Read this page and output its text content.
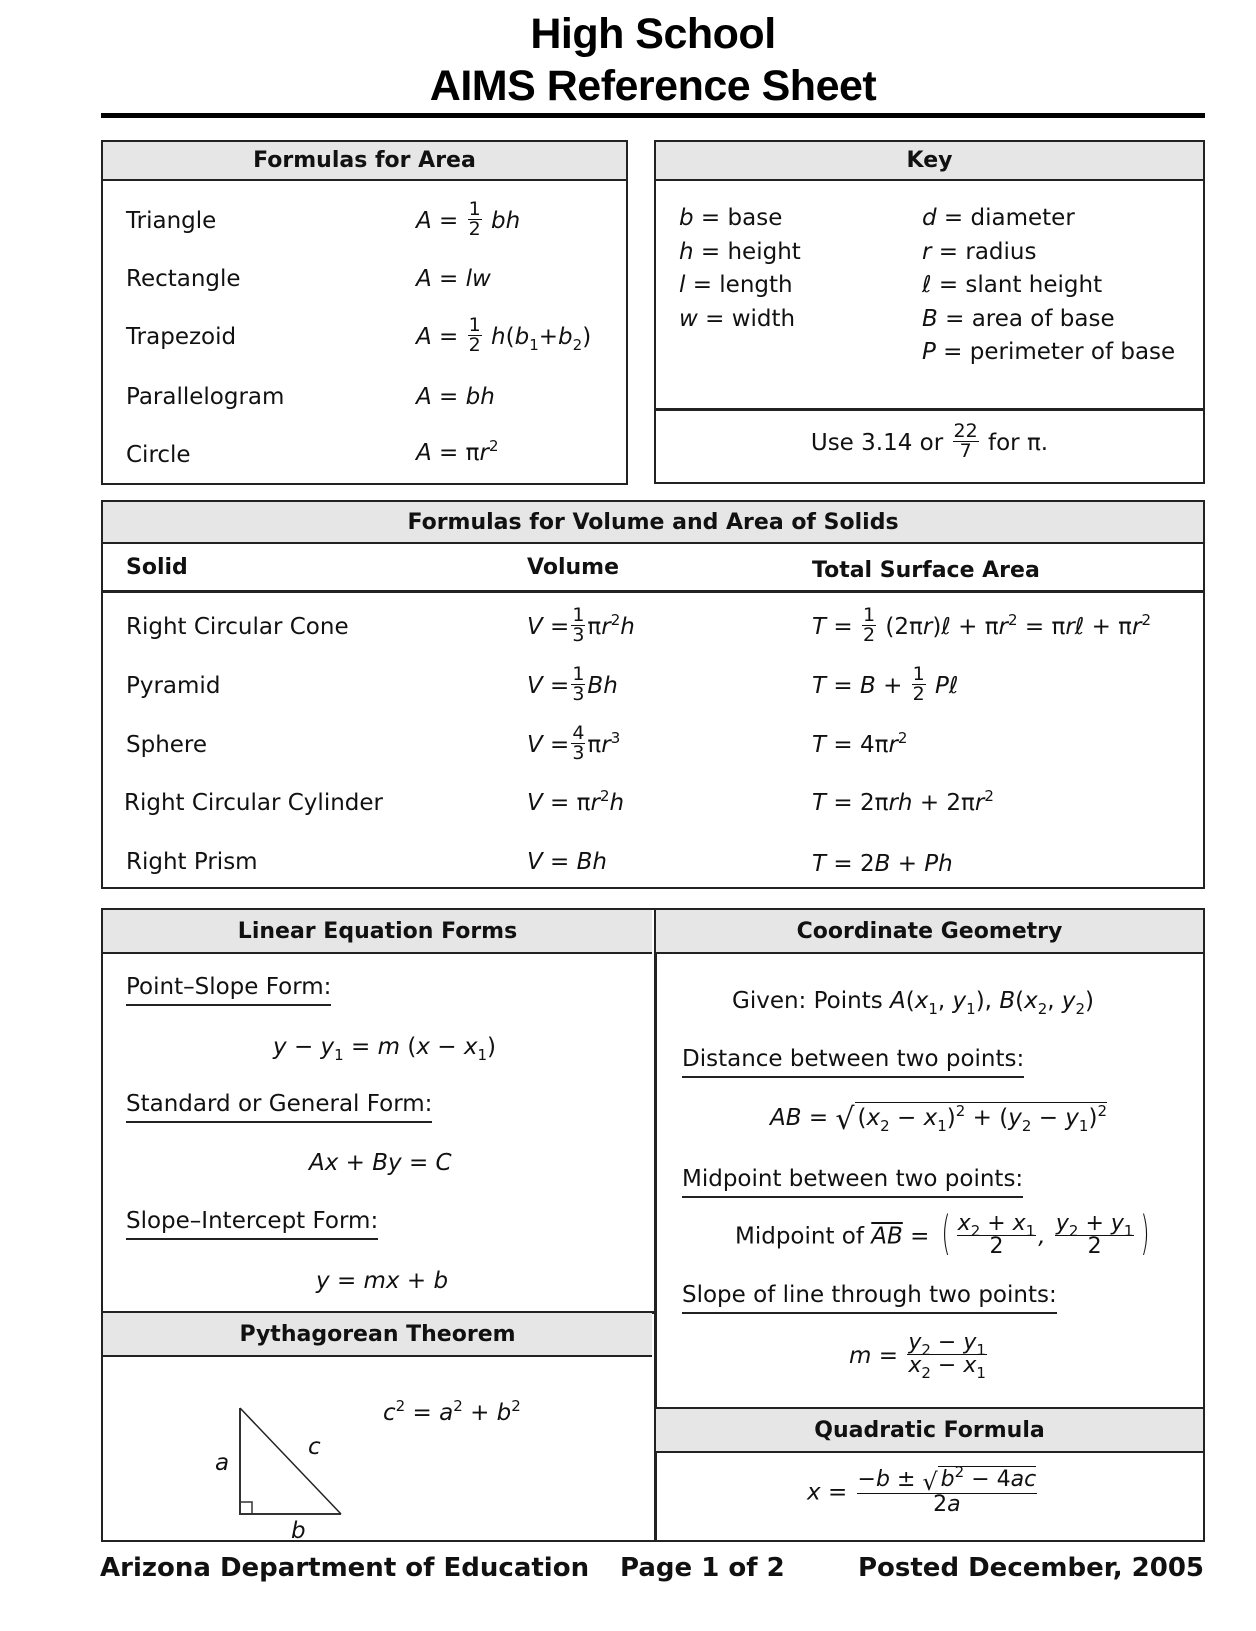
High School
AIMS Reference Sheet
Formulas for Area
Triangle	$A = \frac{1}{2}$ bh
Rectangle	A = lw
Trapezoid	$A = \frac{1}{2} h(b_1+b_2)$
Parallelogram	A = bh
Circle	$A = \pi r^2$
Key
b = base
h = height
l = length
w = width
d = diameter
r = radius
ℓ = slant height
B = area of base
P = perimeter of base
Use 3.14 or $\frac{22}{7}$ for π.
Formulas for Volume and Area of Solids
Solid	Volume	Total Surface Area
Right Circular Cone	$V = \frac{1}{3} \pi r^2h$	$T = \frac{1}{2}$ (2πr)ℓ + $\pi r^2$ = πrℓ + $\pi r^2$
Pyramid	$V = \frac{1}{3}$ Bh	$T = B + \frac{1}{2}$ Pℓ
Sphere	$V = \frac{4}{3} \pi r^3$	$T = 4\pi r^2$
Right Circular Cylinder	$V = \pi r^2h$	$T = 2\pi rh + 2\pi r^2$
Right Prism	V = Bh	T = 2B + Ph
Linear Equation Forms
Point–Slope Form:
$y - y_1 = m$ $(x - x_1)$
Standard or General Form:
Ax + By = C
Slope–Intercept Form:
y = mx + b
Pythagorean Theorem
a
b
c
$c^2 = a^2 + b^2$
Coordinate Geometry
Given: Points $A(x_1$, $y_1$), $B(x_2$, $y_2$)
Distance between two points:
AB = √ $(x_2 - x_1)^2 + (y_2 - y_1)^2$
Midpoint between two points:
Midpoint of $\overline{AB}$ = ( $\frac{x_2 + x_1}{2}$ , $\frac{y_2 + y_1}{2}$ )
Slope of line through two points:
$m = \frac{y_2 - y_1}{x_2 - x_1}$
Quadratic Formula
$x = \frac{-b \pm √ b^2 - 4ac}{2a}$
Arizona Department of Education Page 1 of 2	Posted December, 2005
